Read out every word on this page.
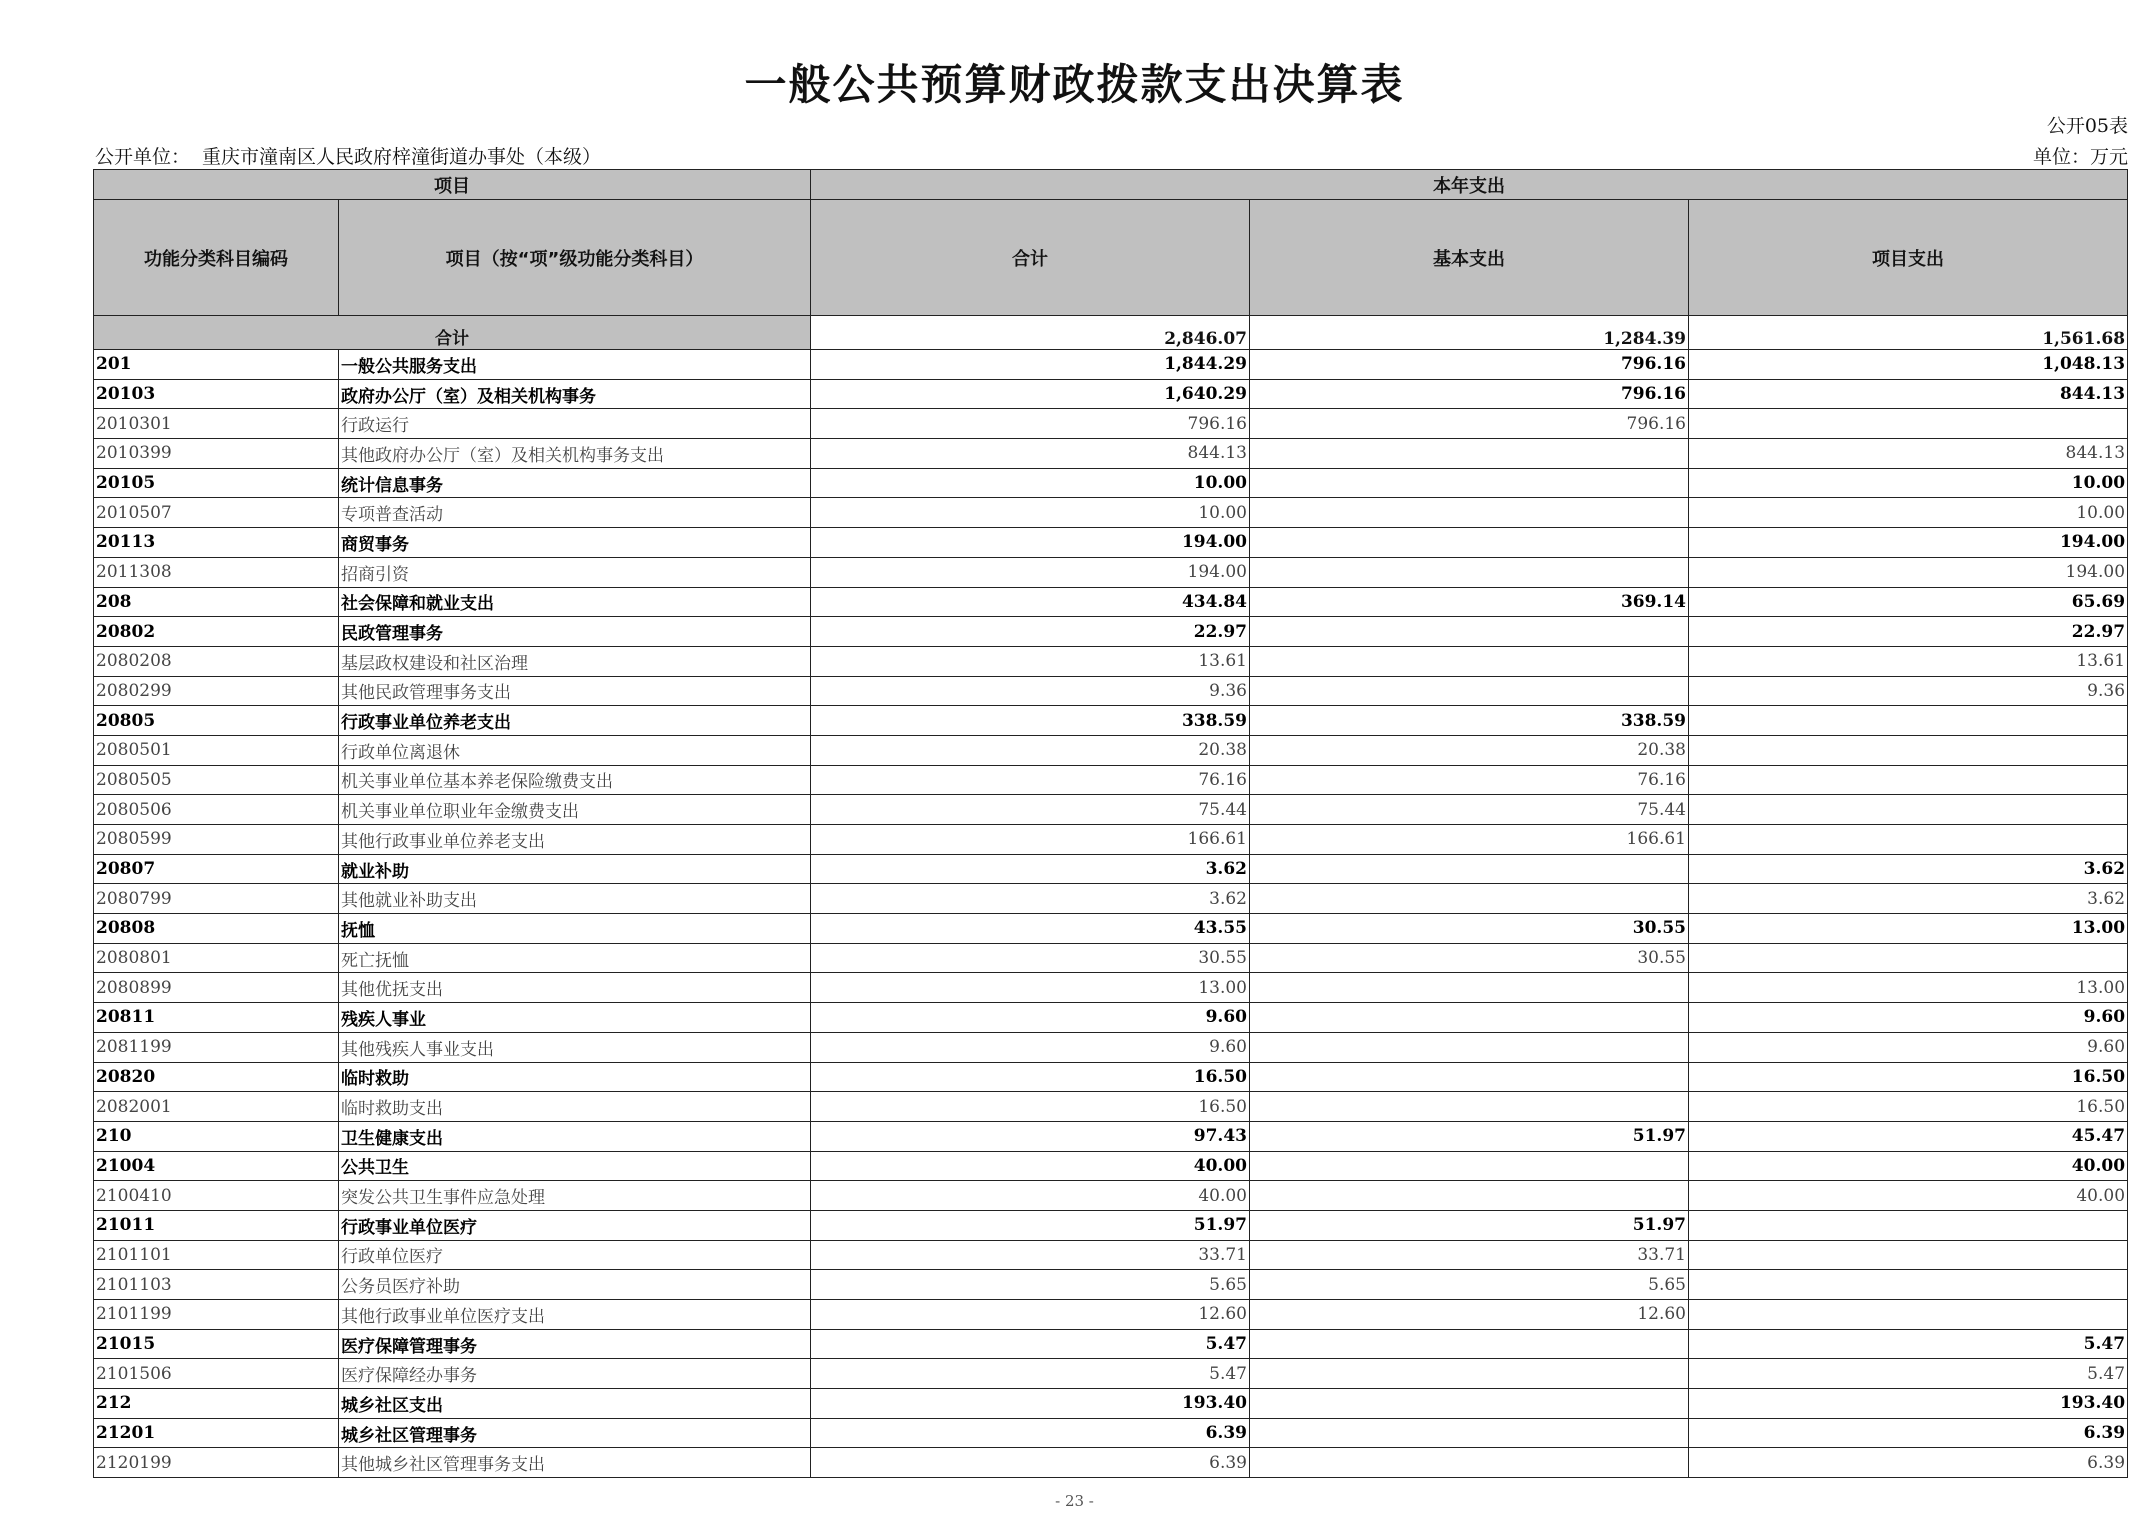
一般公共预算财政拨款支出决算表
公开05表
公开单位： 重庆市潼南区人民政府梓潼街道办事处（本级）	单位：万元
项目		本年支出		
功能分类科目编码	项目（按“项”级功能分类科目）	合计	基本支出	项目支出
合计		2,846.07	1,284.39	1,561.68
201	一般公共服务支出	1,844.29	796.16	1,048.13
20103	政府办公厅（室）及相关机构事务	1,640.29	796.16	844.13
2010301	行政运行	796.16	796.16	
2010399	其他政府办公厅（室）及相关机构事务支出	844.13		844.13
20105	统计信息事务	10.00		10.00
2010507	专项普查活动	10.00		10.00
20113	商贸事务	194.00		194.00
2011308	招商引资	194.00		194.00
208	社会保障和就业支出	434.84	369.14	65.69
20802	民政管理事务	22.97		22.97
2080208	基层政权建设和社区治理	13.61		13.61
2080299	其他民政管理事务支出	9.36		9.36
20805	行政事业单位养老支出	338.59	338.59	
2080501	行政单位离退休	20.38	20.38	
2080505	机关事业单位基本养老保险缴费支出	76.16	76.16	
2080506	机关事业单位职业年金缴费支出	75.44	75.44	
2080599	其他行政事业单位养老支出	166.61	166.61	
20807	就业补助	3.62		3.62
2080799	其他就业补助支出	3.62		3.62
20808	抚恤	43.55	30.55	13.00
2080801	死亡抚恤	30.55	30.55	
2080899	其他优抚支出	13.00		13.00
20811	残疾人事业	9.60		9.60
2081199	其他残疾人事业支出	9.60		9.60
20820	临时救助	16.50		16.50
2082001	临时救助支出	16.50		16.50
210	卫生健康支出	97.43	51.97	45.47
21004	公共卫生	40.00		40.00
2100410	突发公共卫生事件应急处理	40.00		40.00
21011	行政事业单位医疗	51.97	51.97	
2101101	行政单位医疗	33.71	33.71	
2101103	公务员医疗补助	5.65	5.65	
2101199	其他行政事业单位医疗支出	12.60	12.60	
21015	医疗保障管理事务	5.47		5.47
2101506	医疗保障经办事务	5.47		5.47
212	城乡社区支出	193.40		193.40
21201	城乡社区管理事务	6.39		6.39
2120199	其他城乡社区管理事务支出	6.39		6.39
- 23 -
